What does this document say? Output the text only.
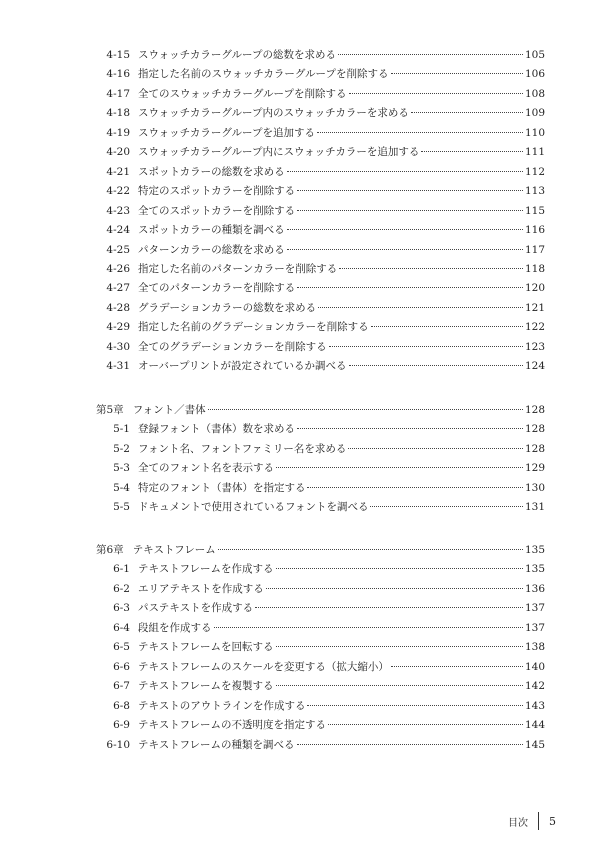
4-15 スウォッチカラーグループの総数を求める	105
4-16 指定した名前のスウォッチカラーグループを削除する	106
4-17 全てのスウォッチカラーグループを削除する	108
4-18 スウォッチカラーグループ内のスウォッチカラーを求める	109
4-19 スウォッチカラーグループを追加する	110
4-20 スウォッチカラーグループ内にスウォッチカラーを追加する	111
4-21 スポットカラーの総数を求める	112
4-22 特定のスポットカラーを削除する	113
4-23 全てのスポットカラーを削除する	115
4-24 スポットカラーの種類を調べる	116
4-25 パターンカラーの総数を求める	117
4-26 指定した名前のパターンカラーを削除する	118
4-27 全てのパターンカラーを削除する	120
4-28 グラデーションカラーの総数を求める	121
4-29 指定した名前のグラデーションカラーを削除する	122
4-30 全てのグラデーションカラーを削除する	123
4-31 オーバープリントが設定されているか調べる	124
第5章 フォント／書体	128
5-1 登録フォント（書体）数を求める	128
5-2 フォント名、フォントファミリー名を求める	128
5-3 全てのフォント名を表示する	129
5-4 特定のフォント（書体）を指定する	130
5-5 ドキュメントで使用されているフォントを調べる	131
第6章 テキストフレーム	135
6-1 テキストフレームを作成する	135
6-2 エリアテキストを作成する	136
6-3 パステキストを作成する	137
6-4 段組を作成する	137
6-5 テキストフレームを回転する	138
6-6 テキストフレームのスケールを変更する（拡大縮小）	140
6-7 テキストフレームを複製する	142
6-8 テキストのアウトラインを作成する	143
6-9 テキストフレームの不透明度を指定する	144
6-10 テキストフレームの種類を調べる	145
目次 5
